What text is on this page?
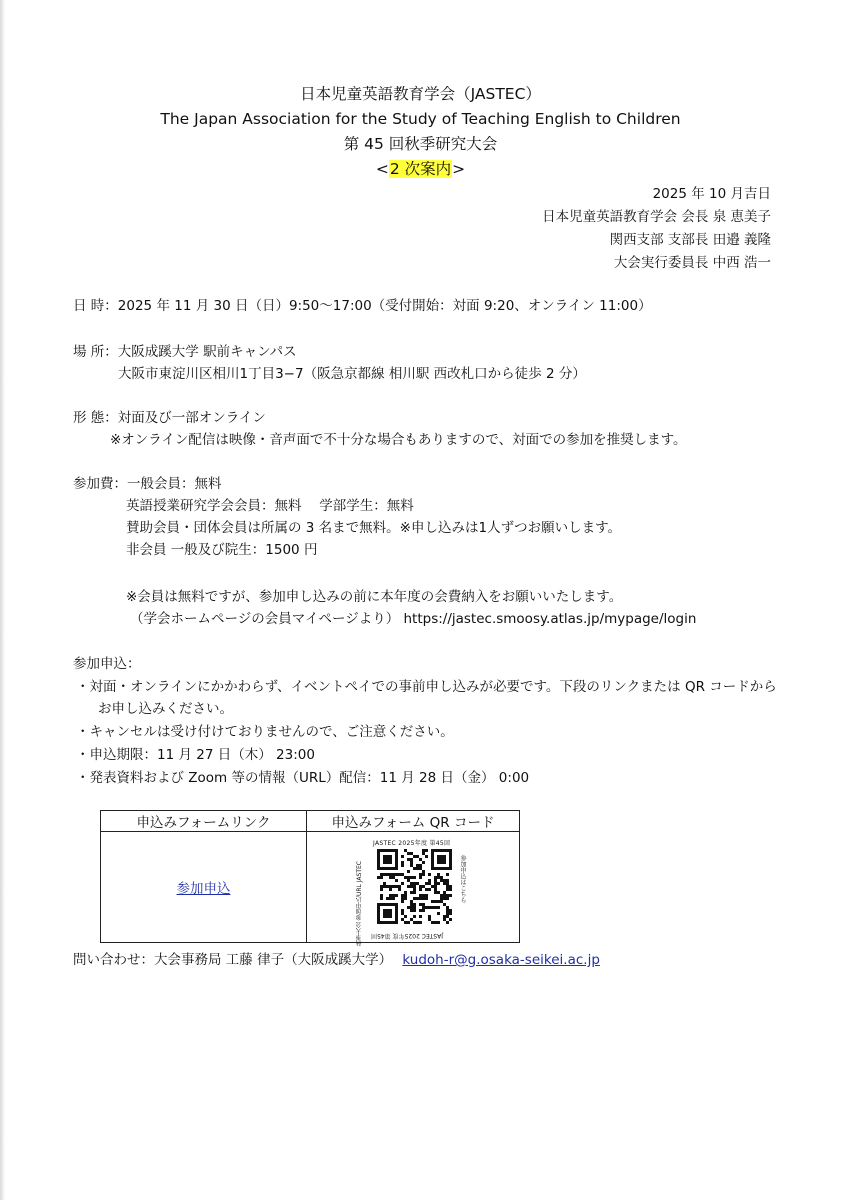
日本児童英語教育学会（JASTEC）
The Japan Association for the Study of Teaching English to Children
第 45 回秋季研究大会
<2 次案内>
2025 年 10 月吉日
日本児童英語教育学会 会長 泉 恵美子
関西支部 支部長 田邉 義隆
大会実行委員長 中西 浩一
日 時：2025 年 11 月 30 日（日）9:50～17:00（受付開始：対面 9:20、オンライン 11:00）
場 所：大阪成蹊大学 駅前キャンパス
大阪市東淀川区相川1丁目3−7（阪急京都線 相川駅 西改札口から徒歩 2 分）
形 態：対面及び一部オンライン
※オンライン配信は映像・音声面で不十分な場合もありますので、対面での参加を推奨します。
参加費：一般会員：無料
英語授業研究学会会員：無料　 学部学生：無料
賛助会員・団体会員は所属の 3 名まで無料。※申し込みは1人ずつお願いします。
非会員 一般及び院生：1500 円
※会員は無料ですが、参加申し込みの前に本年度の会費納入をお願いいたします。
（学会ホームページの会員マイページより） https://jastec.smoosy.atlas.jp/mypage/login
参加申込：
・対面・オンラインにかかわらず、イベントペイでの事前申し込みが必要です。下段のリンクまたは QR コードから
お申し込みください。
・キャンセルは受け付けておりませんので、ご注意ください。
・申込期限：11 月 27 日（木） 23:00
・発表資料および Zoom 等の情報（URL）配信：11 月 28 日（金） 0:00
申込みフォームリンク	申込みフォーム QR コード
参加申込	JASTEC 2025年度 第45回
秋季大会 参加申込URL JASTEC 参加申込はこちら
JASTEC 2025年度 第45回
問い合わせ：大会事務局 工藤 律子（大阪成蹊大学） kudoh-r@g.osaka-seikei.ac.jp
